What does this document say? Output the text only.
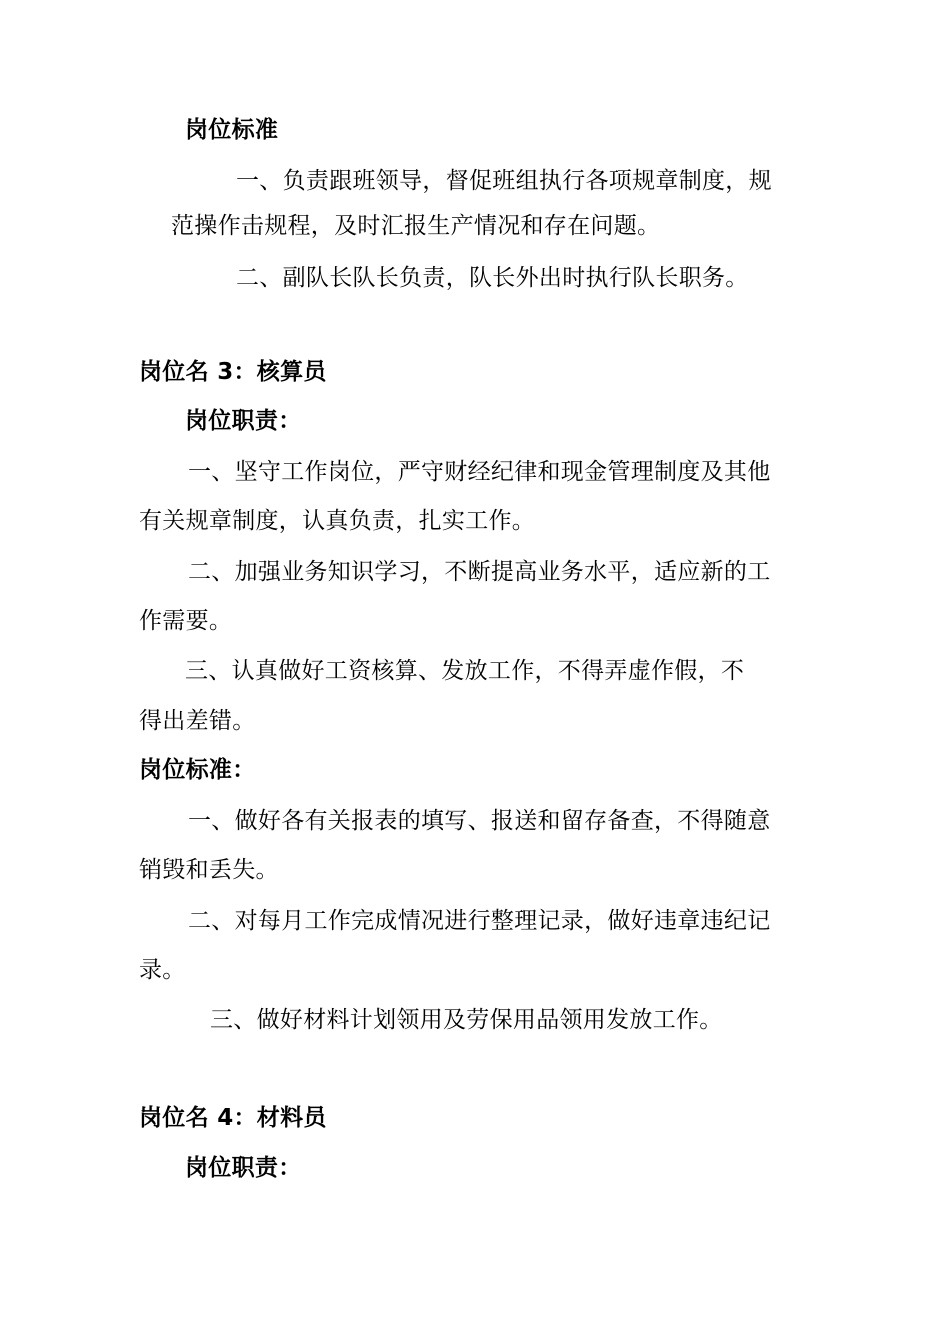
岗位标准
一、负责跟班领导，督促班组执行各项规章制度，规
范操作击规程，及时汇报生产情况和存在问题。
二、副队长队长负责，队长外出时执行队长职务。
岗位名 3：核算员
岗位职责：
一、坚守工作岗位，严守财经纪律和现金管理制度及其他
有关规章制度，认真负责，扎实工作。
二、加强业务知识学习，不断提高业务水平，适应新的工
作需要。
三、认真做好工资核算、发放工作，不得弄虚作假，不
得出差错。
岗位标准：
一、做好各有关报表的填写、报送和留存备查，不得随意
销毁和丢失。
二、对每月工作完成情况进行整理记录，做好违章违纪记
录。
三、做好材料计划领用及劳保用品领用发放工作。
岗位名 4：材料员
岗位职责：
